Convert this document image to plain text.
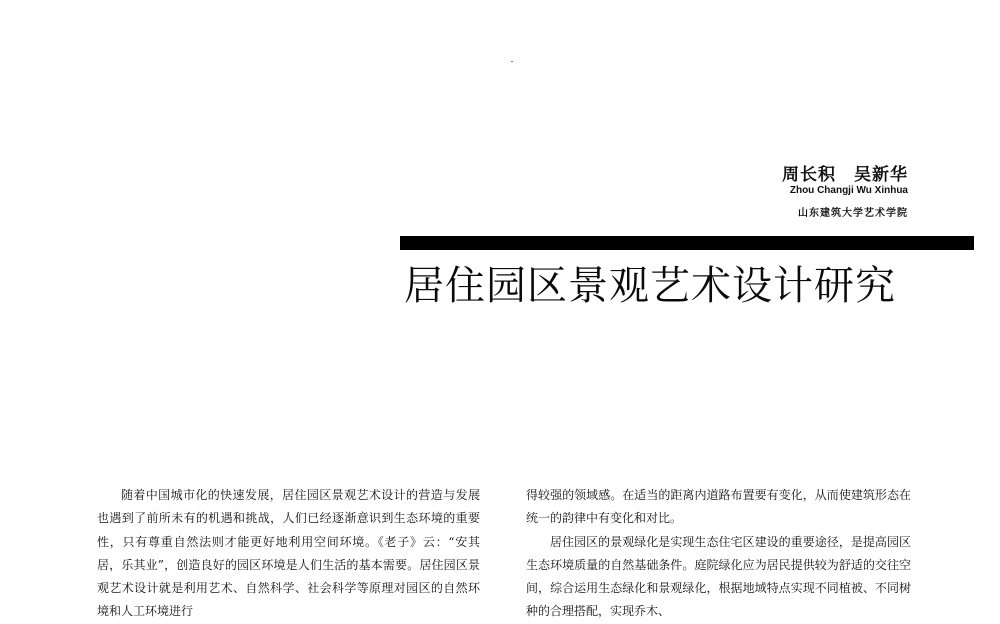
周长积　吴新华
Zhou Changji Wu Xinhua
山东建筑大学艺术学院
居住园区景观艺术设计研究

随着中国城市化的快速发展，居住园区景观艺术设计的营造与发展也遇到了前所未有的机遇和挑战，人们已经逐渐意识到生态环境的重要性，只有尊重自然法则才能更好地利用空间环境。《老子》云：“安其居，乐其业”，创造良好的园区环境是人们生活的基本需要。居住园区景观艺术设计就是利用艺术、自然科学、社会科学等原理对园区的自然环境和人工环境进行

得较强的领域感。在适当的距离内道路布置要有变化，从而使建筑形态在统一的韵律中有变化和对比。

居住园区的景观绿化是实现生态住宅区建设的重要途径，是提高园区生态环境质量的自然基础条件。庭院绿化应为居民提供较为舒适的交往空间，综合运用生态绿化和景观绿化，根据地域特点实现不同植被、不同树种的合理搭配，实现乔木、
